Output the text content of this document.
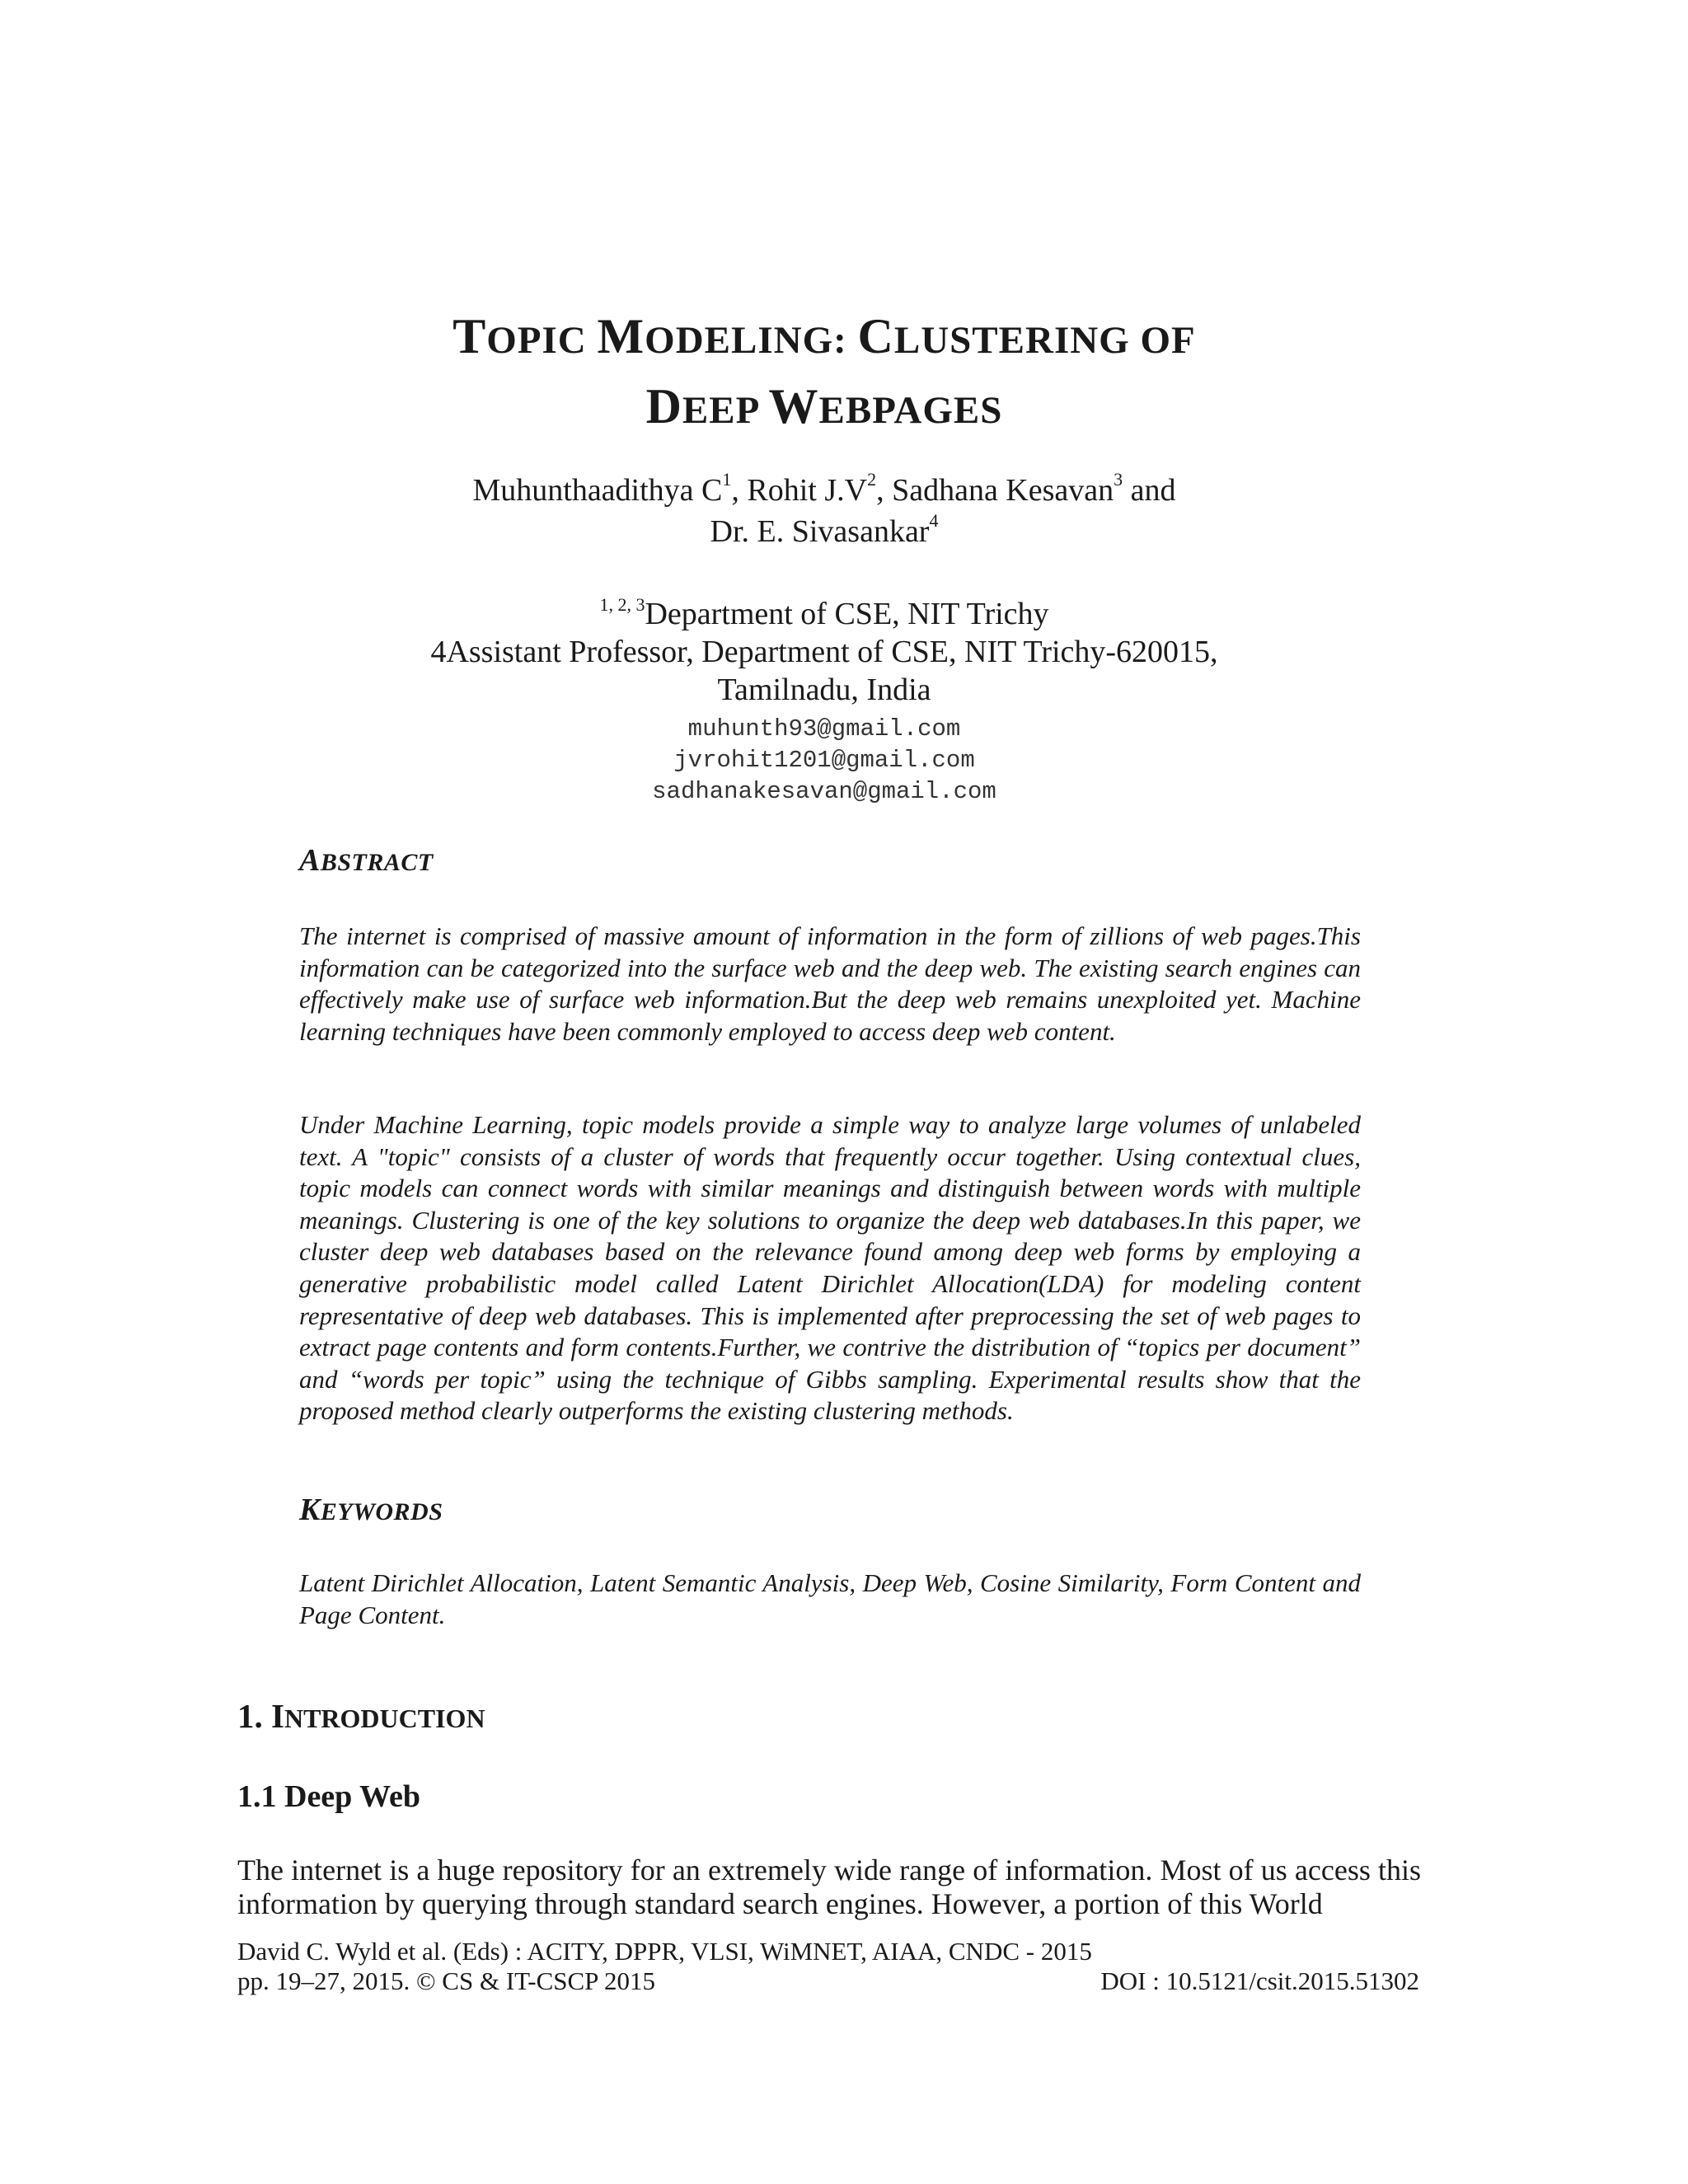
TOPIC MODELING: CLUSTERING OF
DEEP WEBPAGES
Muhunthaadithya $C^1$, Rohit $J.V^2$, Sadhana Kesavan$^3$ and
Dr. E. Sivasankar$^4$
$^{1, 2, 3}$Department of CSE, NIT Trichy
4Assistant Professor, Department of CSE, NIT Trichy-620015,
Tamilnadu, India
muhunth93@gmail.com
jvrohit1201@gmail.com
sadhanakesavan@gmail.com
ABSTRACT
The internet is comprised of massive amount of information in the form of zillions of web pages.This information can be categorized into the surface web and the deep web. The existing search engines can effectively make use of surface web information.But the deep web remains unexploited yet. Machine learning techniques have been commonly employed to access deep web content.
Under Machine Learning, topic models provide a simple way to analyze large volumes of unlabeled text. A "topic" consists of a cluster of words that frequently occur together. Using contextual clues, topic models can connect words with similar meanings and distinguish between words with multiple meanings. Clustering is one of the key solutions to organize the deep web databases.In this paper, we cluster deep web databases based on the relevance found among deep web forms by employing a generative probabilistic model called Latent Dirichlet Allocation(LDA) for modeling content representative of deep web databases. This is implemented after preprocessing the set of web pages to extract page contents and form contents.Further, we contrive the distribution of “topics per document” and “words per topic” using the technique of Gibbs sampling. Experimental results show that the proposed method clearly outperforms the existing clustering methods.
KEYWORDS
Latent Dirichlet Allocation, Latent Semantic Analysis, Deep Web, Cosine Similarity, Form Content and Page Content.
1. INTRODUCTION
1.1 Deep Web
The internet is a huge repository for an extremely wide range of information. Most of us access this information by querying through standard search engines. However, a portion of this World
David C. Wyld et al. (Eds) : ACITY, DPPR, VLSI, WiMNET, AIAA, CNDC - 2015
pp. 19–27, 2015. © CS & IT-CSCP 2015	DOI : 10.5121/csit.2015.51302
